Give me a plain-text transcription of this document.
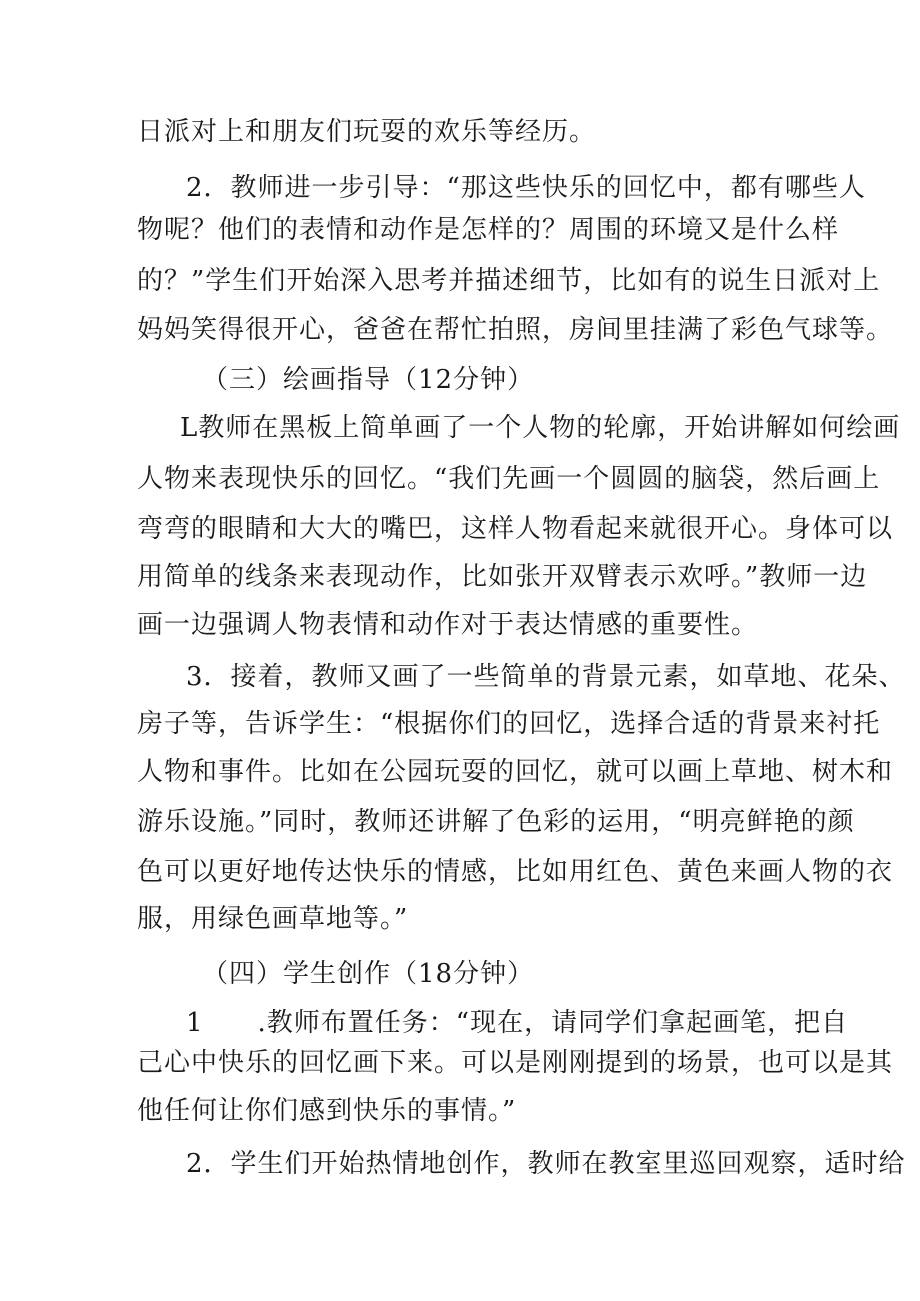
日派对上和朋友们玩耍的欢乐等经历。
2．教师进一步引导：“那这些快乐的回忆中，都有哪些人
物呢？他们的表情和动作是怎样的？周围的环境又是什么样
的？”学生们开始深入思考并描述细节，比如有的说生日派对上
妈妈笑得很开心，爸爸在帮忙拍照，房间里挂满了彩色气球等。
（三）绘画指导（12分钟）
L教师在黑板上简单画了一个人物的轮廓，开始讲解如何绘画
人物来表现快乐的回忆。“我们先画一个圆圆的脑袋，然后画上
弯弯的眼睛和大大的嘴巴，这样人物看起来就很开心。身体可以
用简单的线条来表现动作，比如张开双臂表示欢呼。”教师一边
画一边强调人物表情和动作对于表达情感的重要性。
3．接着，教师又画了一些简单的背景元素，如草地、花朵、
房子等，告诉学生：“根据你们的回忆，选择合适的背景来衬托
人物和事件。比如在公园玩耍的回忆，就可以画上草地、树木和
游乐设施。”同时，教师还讲解了色彩的运用，“明亮鲜艳的颜
色可以更好地传达快乐的情感，比如用红色、黄色来画人物的衣
服，用绿色画草地等。”
（四）学生创作（18分钟）
1　　.教师布置任务：“现在，请同学们拿起画笔，把自
己心中快乐的回忆画下来。可以是刚刚提到的场景，也可以是其
他任何让你们感到快乐的事情。”
2．学生们开始热情地创作，教师在教室里巡回观察，适时给
